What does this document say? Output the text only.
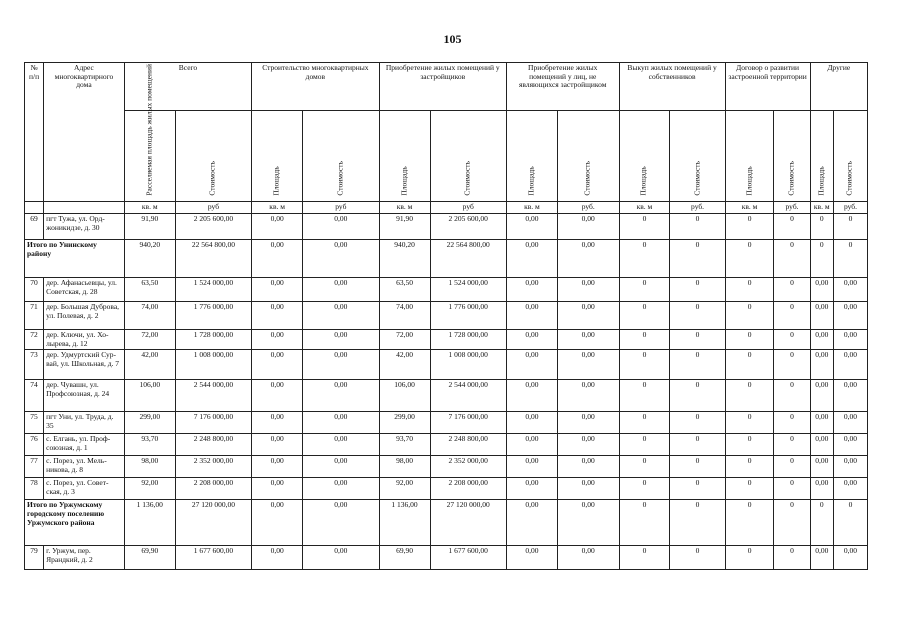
105
№ п/п	Адрес многоквартирного дома	Всего		Строительство многоквартирных домов		Приобретение жилых помещений у застройщиков		Приобретение жилых помещений у лиц, не являющихся застройщиком		Выкуп жилых помещений у собственников		Договор о развитии застроенной территории		Другие	

		Расселяемая площадь жилых помещений	Стоимость	Площадь	Стоимость	Площадь	Стоимость	Площадь	Стоимость	Площадь	Стоимость	Площадь	Стоимость	Площадь	Стоимость

		кв. м	руб	кв. м	руб	кв. м	руб	кв. м	руб.	кв. м	руб.	кв. м	руб.	кв. м	руб.
69	пгт Тужа, ул. Орд-жоникидзе, д. 30	91,90	2 205 600,00	0,00	0,00	91,90	2 205 600,00	0,00	0,00	0	0	0	0	0	0
Итого по Унинскому району		940,20	22 564 800,00	0,00	0,00	940,20	22 564 800,00	0,00	0,00	0	0	0	0	0	0
70	дер. Афанасьевцы, ул. Советская, д. 28	63,50	1 524 000,00	0,00	0,00	63,50	1 524 000,00	0,00	0,00	0	0	0	0	0,00	0,00
71	дер. Большая Дуброва, ул. Полевая, д. 2	74,00	1 776 000,00	0,00	0,00	74,00	1 776 000,00	0,00	0,00	0	0	0	0	0,00	0,00
72	дер. Ключи, ул. Хо-лырева, д. 12	72,00	1 728 000,00	0,00	0,00	72,00	1 728 000,00	0,00	0,00	0	0	0	0	0,00	0,00
73	дер. Удмуртский Сур-вай, ул. Школьная, д. 7	42,00	1 008 000,00	0,00	0,00	42,00	1 008 000,00	0,00	0,00	0	0	0	0	0,00	0,00
74	дер. Чувашн, ул. Профсоюзная, д. 24	106,00	2 544 000,00	0,00	0,00	106,00	2 544 000,00	0,00	0,00	0	0	0	0	0,00	0,00
75	пгт Уни, ул. Труда, д. 35	299,00	7 176 000,00	0,00	0,00	299,00	7 176 000,00	0,00	0,00	0	0	0	0	0,00	0,00
76	с. Елгань, ул. Проф-союзная, д. 1	93,70	2 248 800,00	0,00	0,00	93,70	2 248 800,00	0,00	0,00	0	0	0	0	0,00	0,00
77	с. Порез, ул. Мель-никова, д. 8	98,00	2 352 000,00	0,00	0,00	98,00	2 352 000,00	0,00	0,00	0	0	0	0	0,00	0,00
78	с. Порез, ул. Совет-ская, д. 3	92,00	2 208 000,00	0,00	0,00	92,00	2 208 000,00	0,00	0,00	0	0	0	0	0,00	0,00
Итого по Уржумскому городскому поселению Уржумского района		1 136,00	27 120 000,00	0,00	0,00	1 136,00	27 120 000,00	0,00	0,00	0	0	0	0	0	0
79	г. Уржум, пер. Ярандкий, д. 2	69,90	1 677 600,00	0,00	0,00	69,90	1 677 600,00	0,00	0,00	0	0	0	0	0,00	0,00
